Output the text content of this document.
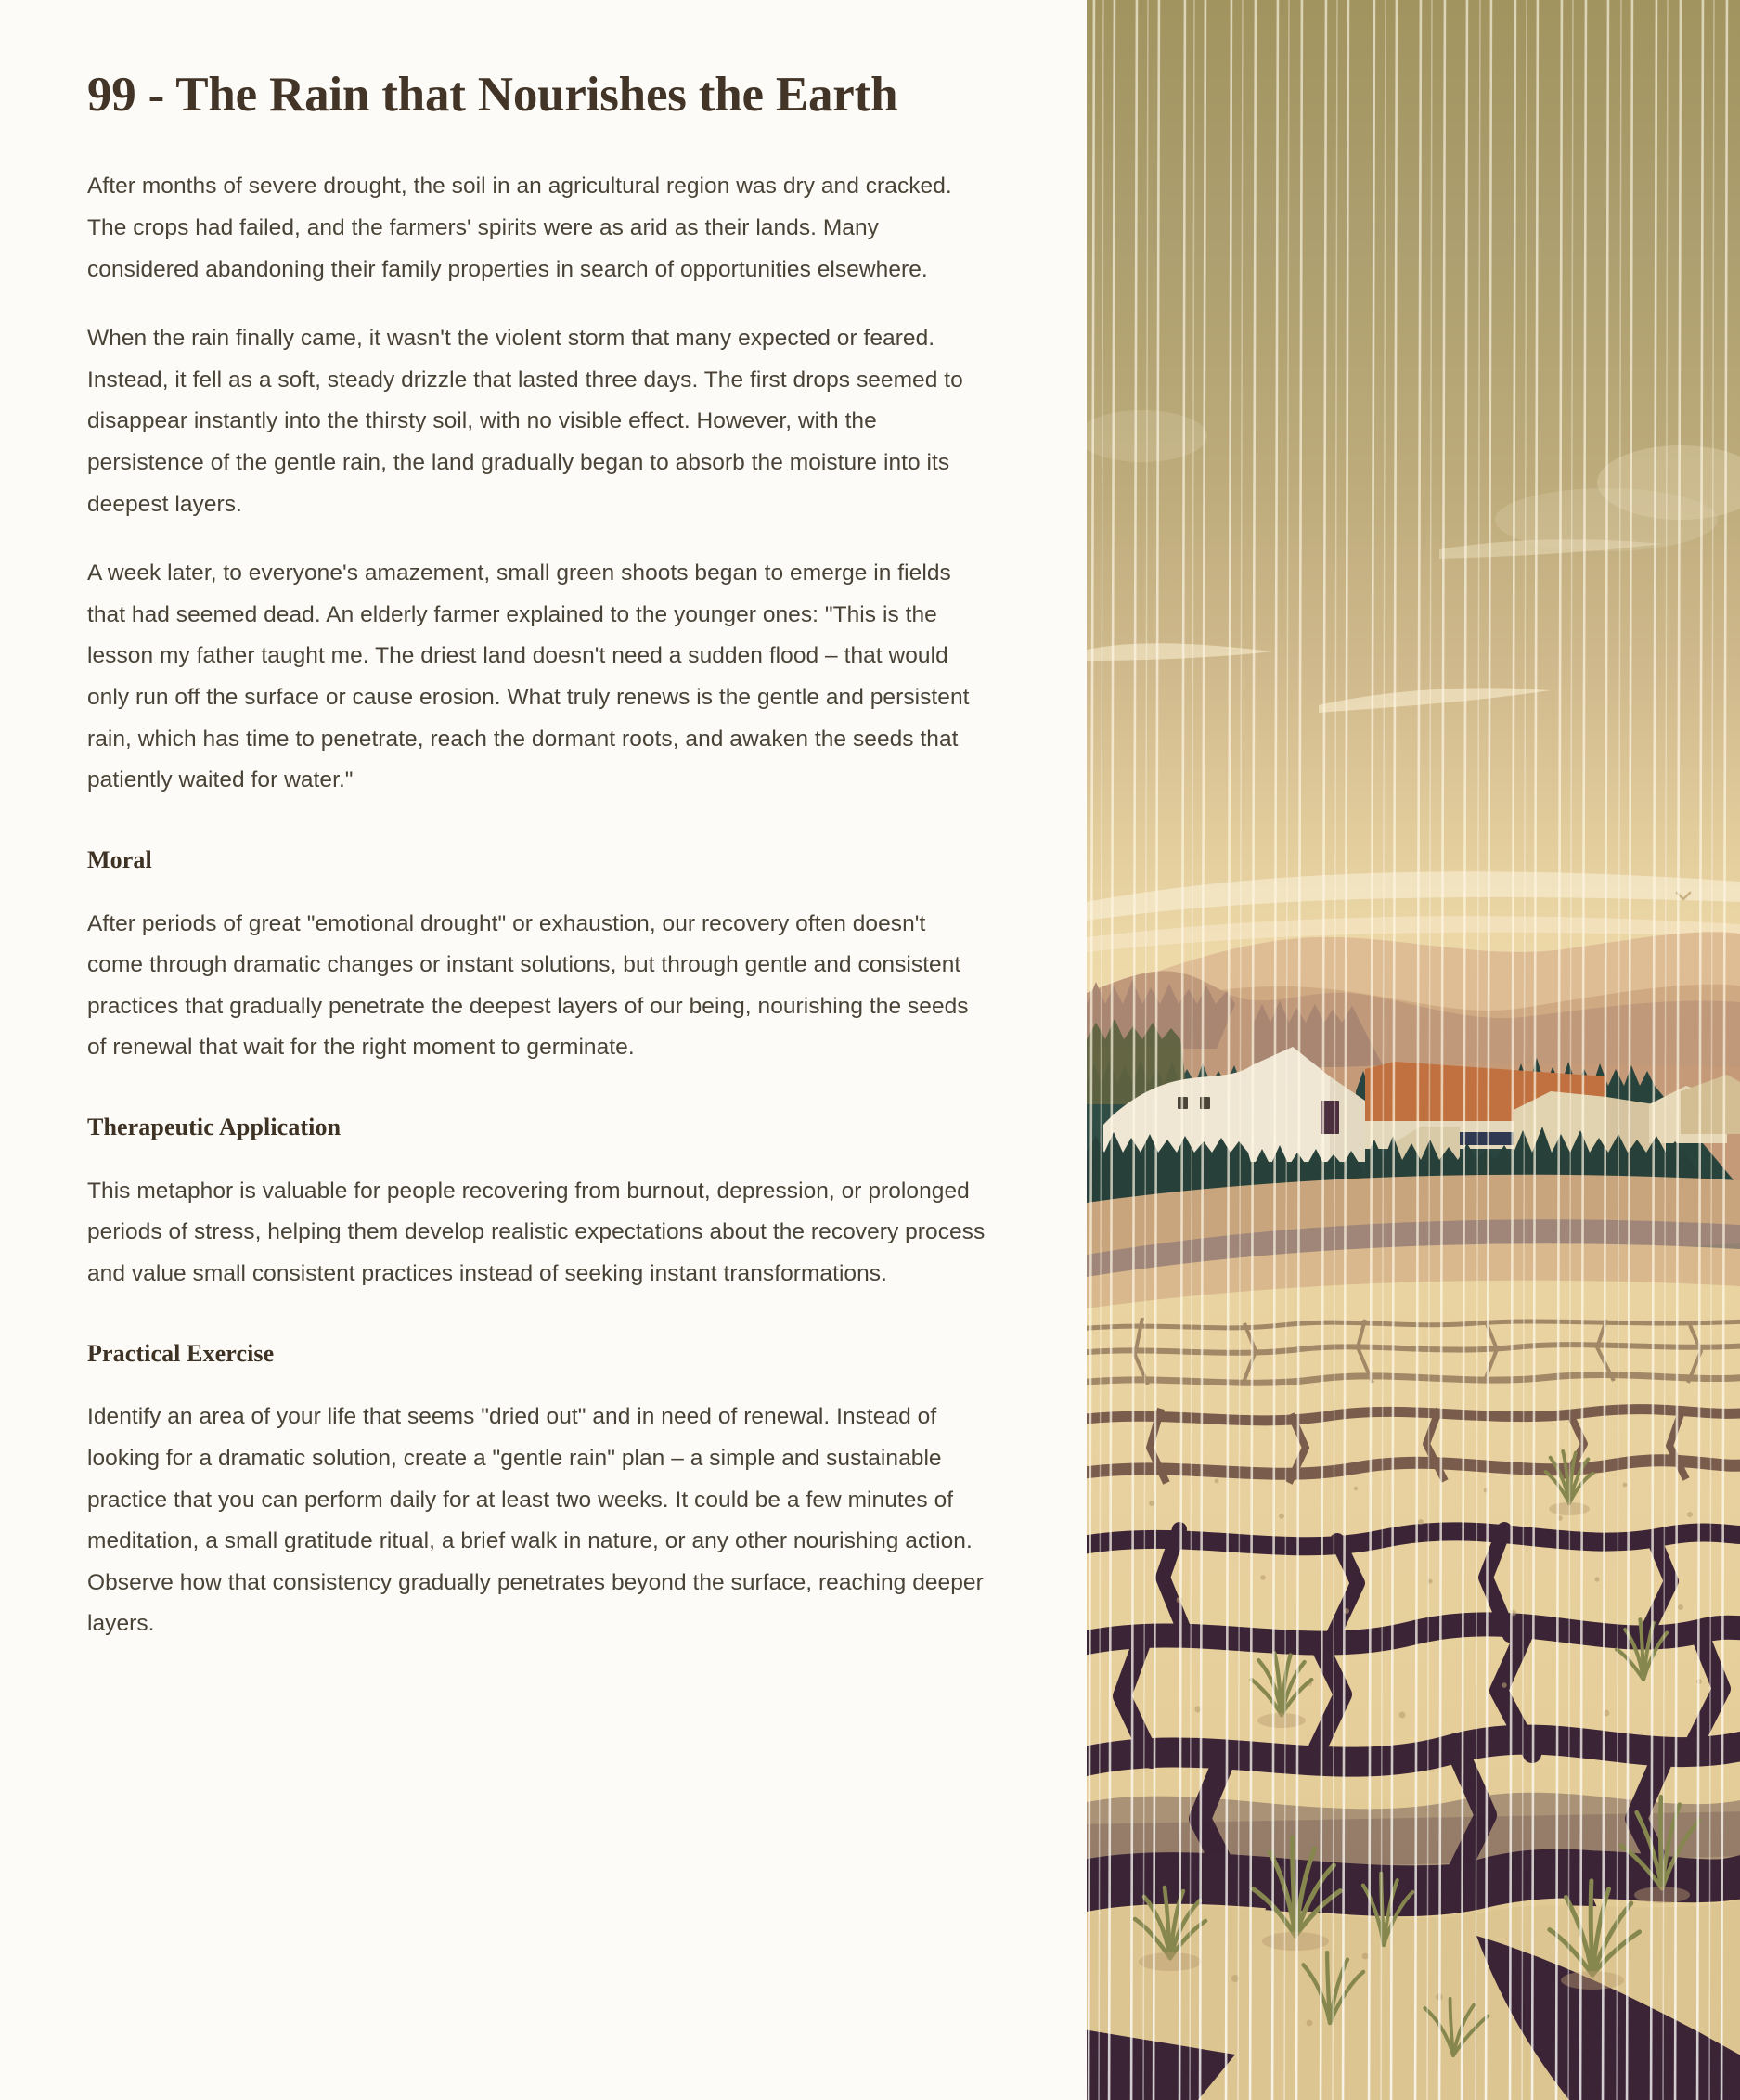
99 - The Rain that Nourishes the Earth

After months of severe drought, the soil in an agricultural region was dry and cracked. The crops had failed, and the farmers' spirits were as arid as their lands. Many considered abandoning their family properties in search of opportunities elsewhere.

When the rain finally came, it wasn't the violent storm that many expected or feared. Instead, it fell as a soft, steady drizzle that lasted three days. The first drops seemed to disappear instantly into the thirsty soil, with no visible effect. However, with the persistence of the gentle rain, the land gradually began to absorb the moisture into its deepest layers.

A week later, to everyone's amazement, small green shoots began to emerge in fields that had seemed dead. An elderly farmer explained to the younger ones: "This is the lesson my father taught me. The driest land doesn't need a sudden flood – that would only run off the surface or cause erosion. What truly renews is the gentle and persistent rain, which has time to penetrate, reach the dormant roots, and awaken the seeds that patiently waited for water."

Moral

After periods of great "emotional drought" or exhaustion, our recovery often doesn't come through dramatic changes or instant solutions, but through gentle and consistent practices that gradually penetrate the deepest layers of our being, nourishing the seeds of renewal that wait for the right moment to germinate.

Therapeutic Application

This metaphor is valuable for people recovering from burnout, depression, or prolonged periods of stress, helping them develop realistic expectations about the recovery process and value small consistent practices instead of seeking instant transformations.

Practical Exercise

Identify an area of your life that seems "dried out" and in need of renewal. Instead of looking for a dramatic solution, create a "gentle rain" plan – a simple and sustainable practice that you can perform daily for at least two weeks. It could be a few minutes of meditation, a small gratitude ritual, a brief walk in nature, or any other nourishing action. Observe how that consistency gradually penetrates beyond the surface, reaching deeper layers.
